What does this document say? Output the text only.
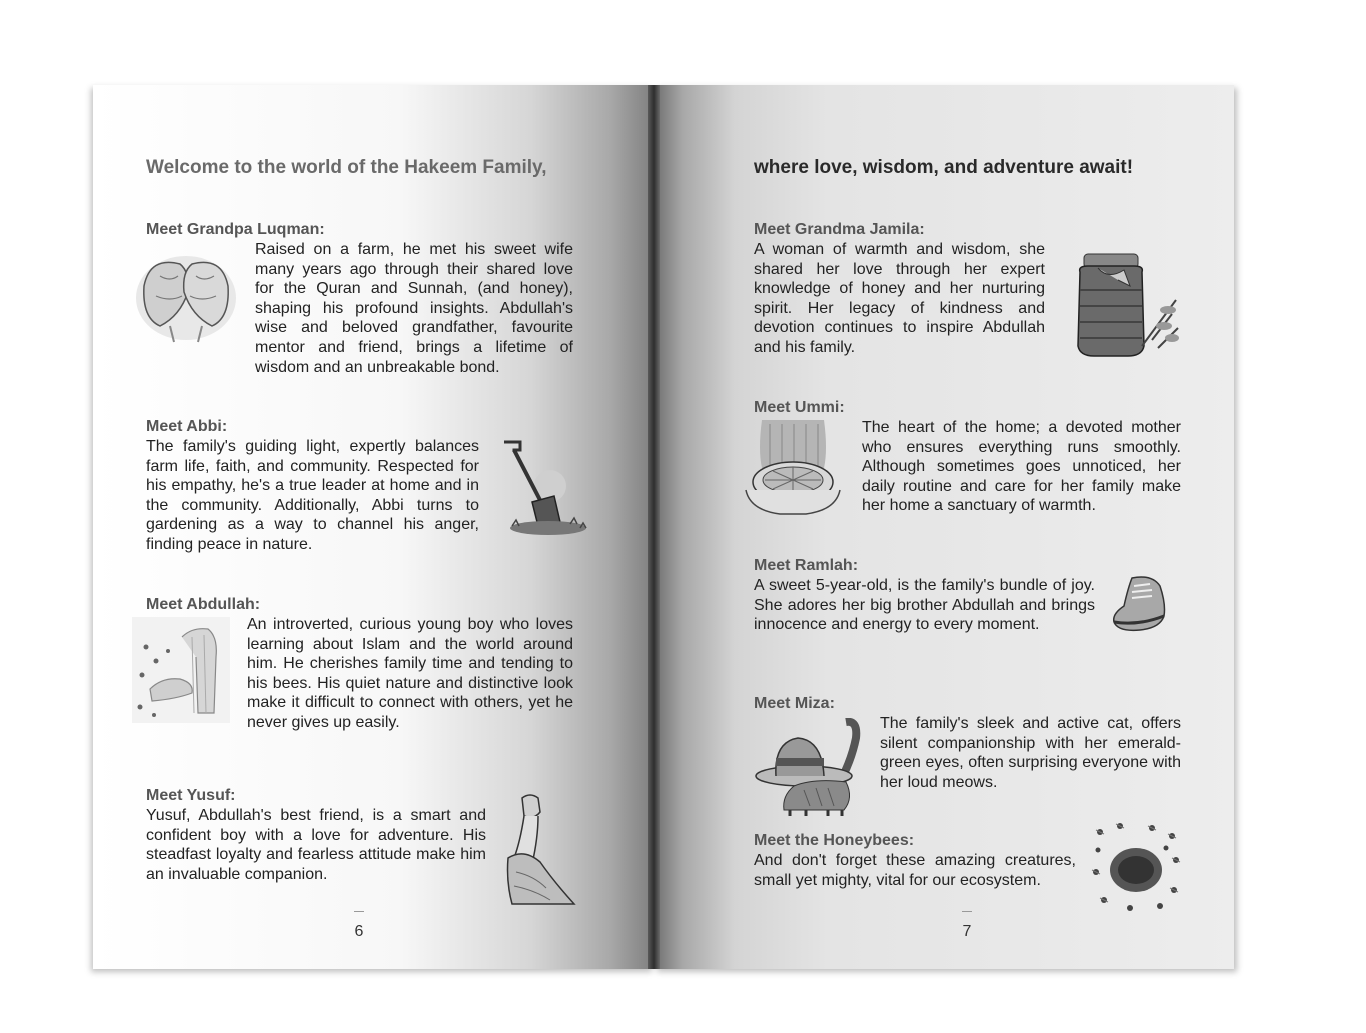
Welcome to the world of the Hakeem Family,

Meet Grandpa Luqman:

Raised on a farm, he met his sweet wife many years ago through their shared love for the Quran and Sunnah, (and honey), shaping his profound insights. Abdullah's wise and beloved grandfather, favourite mentor and friend, brings a lifetime of wisdom and an unbreakable bond.

Meet Abbi:

The family's guiding light, expertly balances farm life, faith, and community. Respected for his empathy, he's a true leader at home and in the community. Additionally, Abbi turns to gardening as a way to channel his anger, finding peace in nature.

Meet Abdullah:

An introverted, curious young boy who loves learning about Islam and the world around him. He cherishes family time and tending to his bees. His quiet nature and distinctive look make it difficult to connect with others, yet he never gives up easily.

Meet Yusuf:

Yusuf, Abdullah's best friend, is a smart and confident boy with a love for adventure. His steadfast loyalty and fearless attitude make him an invaluable companion.

6
where love, wisdom, and adventure await!

Meet Grandma Jamila:

A woman of warmth and wisdom, she shared her love through her expert knowledge of honey and her nurturing spirit. Her legacy of kindness and devotion continues to inspire Abdullah and his family.

Meet Ummi:

The heart of the home; a devoted mother who ensures everything runs smoothly. Although sometimes goes unnoticed, her daily routine and care for her family make her home a sanctuary of warmth.

Meet Ramlah:

A sweet 5-year-old, is the family's bundle of joy. She adores her big brother Abdullah and brings innocence and energy to every moment.

Meet Miza:

The family's sleek and active cat, offers silent companionship with her emerald-green eyes, often surprising everyone with her loud meows.

Meet the Honeybees:

And don't forget these amazing creatures, small yet mighty, vital for our ecosystem.

7
